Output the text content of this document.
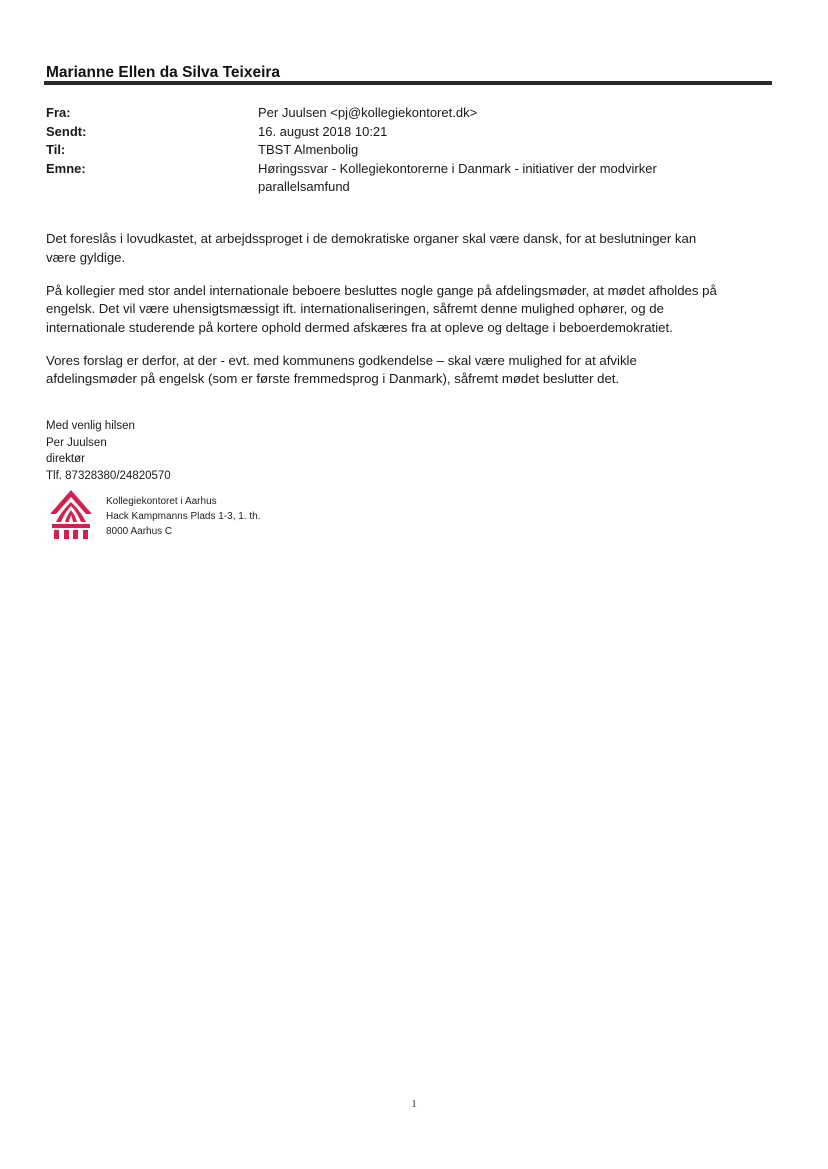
Marianne Ellen da Silva Teixeira
Fra:	Per Juulsen <pj@kollegiekontoret.dk>
Sendt:	16. august 2018 10:21
Til:	TBST Almenbolig
Emne:	Høringssvar - Kollegiekontorerne i Danmark - initiativer der modvirker
parallelsamfund

Det foreslås i lovudkastet, at arbejdssproget i de demokratiske organer skal være dansk, for at beslutninger kan
være gyldige.

På kollegier med stor andel internationale beboere besluttes nogle gange på afdelingsmøder, at mødet afholdes på
engelsk. Det vil være uhensigtsmæssigt ift. internationaliseringen, såfremt denne mulighed ophører, og de
internationale studerende på kortere ophold dermed afskæres fra at opleve og deltage i beboerdemokratiet.

Vores forslag er derfor, at der - evt. med kommunens godkendelse – skal være mulighed for at afvikle
afdelingsmøder på engelsk (som er første fremmedsprog i Danmark), såfremt mødet beslutter det.

Med venlig hilsen
Per Juulsen
direktør
Tlf. 87328380/24820570
Kollegiekontoret i Aarhus
Hack Kampmanns Plads 1-3, 1. th.
8000 Aarhus C
1
